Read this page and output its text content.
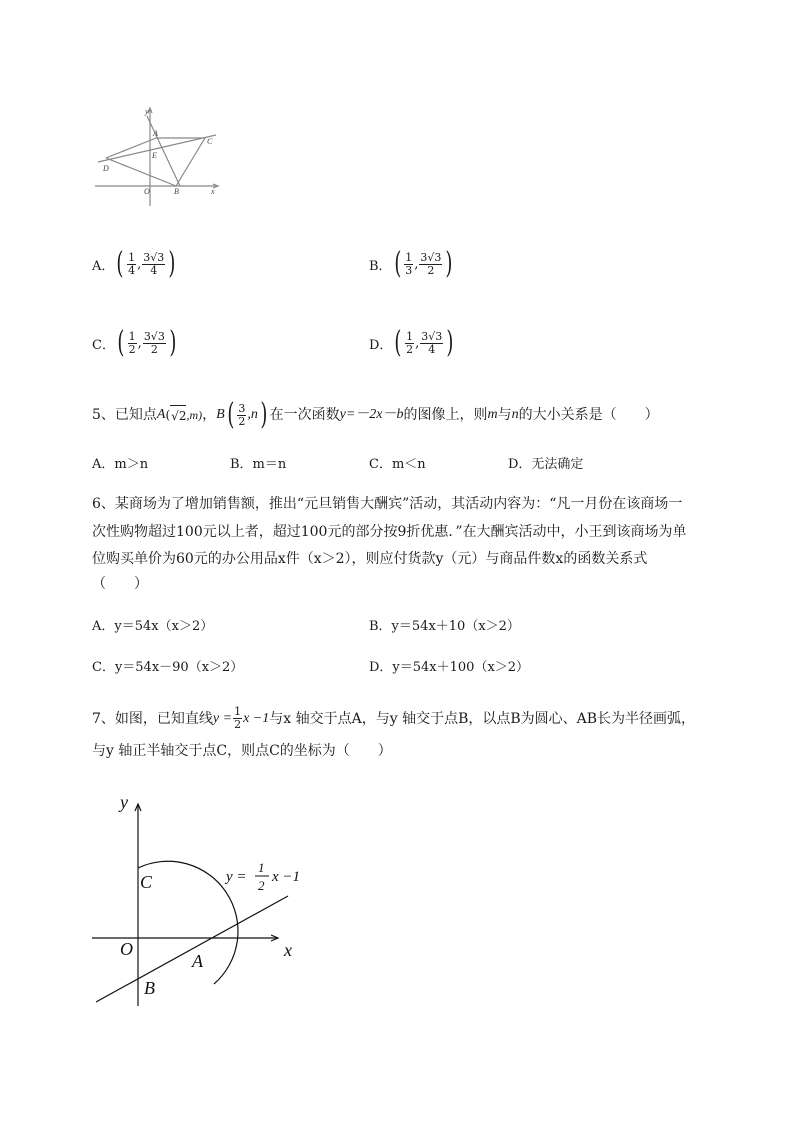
y
A
C
E
D
O	B	x
A． ( $\frac{1}{4}$ , $\frac{3√3}{4}$ )	B． ( $\frac{1}{3}$ , $\frac{3√3}{2}$ )
C． ( $\frac{1}{2}$ , $\frac{3√3}{2}$ )	D． ( $\frac{1}{2}$ , $\frac{3√3}{4}$ )
5、已知点 A ( √2 ,m) ， B ( $\frac{3}{2} ,n$ ) 在一次函数 y=－2x－b 的图像上，则 m 与 n 的大小关系是（　　）
A．m＞n	B．m＝n	C．m＜n	D．无法确定
6、某商场为了增加销售额，推出“元旦销售大酬宾”活动，其活动内容为：“凡一月份在该商场一
次性购物超过100元以上者，超过100元的部分按9折优惠．”在大酬宾活动中，小王到该商场为单
位购买单价为60元的办公用品x件（x＞2），则应付货款y（元）与商品件数x的函数关系式
（　　）
A．y＝54x（x＞2）	B．y＝54x＋10（x＞2）
C．y＝54x－90（x＞2）	D．y＝54x＋100（x＞2）
7、如图，已知直线 $y = \frac{1}{2}$ x −1 与x 轴交于点A，与y 轴交于点B，以点B为圆心、AB长为半径画弧，
与y 轴正半轴交于点C，则点C的坐标为（　　）
y
x
C
O
A
B
y =
1
2
x −1
